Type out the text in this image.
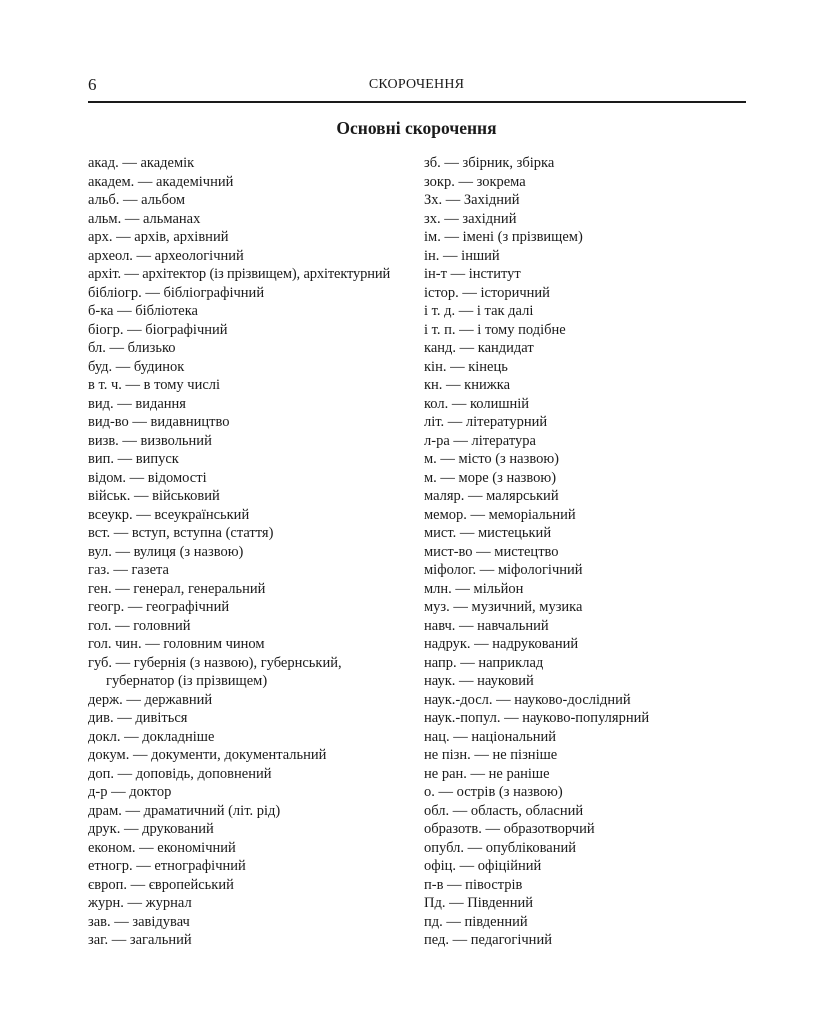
6	СКОРОЧЕННЯ
Основні скорочення
акад. — академік
академ. — академічний
альб. — альбом
альм. — альманах
арх. — архів, архівний
археол. — археологічний
архіт. — архітектор (із прізвищем), архітектурний
бібліогр. — бібліографічний
б-ка — бібліотека
біогр. — біографічний
бл. — близько
буд. — будинок
в т. ч. — в тому числі
вид. — видання
вид-во — видавництво
визв. — визвольний
вип. — випуск
відом. — відомості
військ. — військовий
всеукр. — всеукраїнський
вст. — вступ, вступна (стаття)
вул. — вулиця (з назвою)
газ. — газета
ген. — генерал, генеральний
геогр. — географічний
гол. — головний
гол. чин. — головним чином
губ. — губернія (з назвою), губернський, губернатор (із прізвищем)
держ. — державний
див. — дивіться
докл. — докладніше
докум. — документи, документальний
доп. — доповідь, доповнений
д-р — доктор
драм. — драматичний (літ. рід)
друк. — друкований
економ. — економічний
етногр. — етнографічний
європ. — європейський
журн. — журнал
зав. — завідувач
заг. — загальний
зб. — збірник, збірка
зокр. — зокрема
Зх. — Західний
зх. — західний
ім. — імені (з прізвищем)
ін. — інший
ін-т — інститут
істор. — історичний
і т. д. — і так далі
і т. п. — і тому подібне
канд. — кандидат
кін. — кінець
кн. — книжка
кол. — колишній
літ. — літературний
л-ра — література
м. — місто (з назвою)
м. — море (з назвою)
маляр. — малярський
мемор. — меморіальний
мист. — мистецький
мист-во — мистецтво
міфолог. — міфологічний
млн. — мільйон
муз. — музичний, музика
навч. — навчальний
надрук. — надрукований
напр. — наприклад
наук. — науковий
наук.-досл. — науково-дослідний
наук.-попул. — науково-популярний
нац. — національний
не пізн. — не пізніше
не ран. — не раніше
о. — острів (з назвою)
обл. — область, обласний
образотв. — образотворчий
опубл. — опублікований
офіц. — офіційний
п-в — півострів
Пд. — Південний
пд. — південний
пед. — педагогічний
